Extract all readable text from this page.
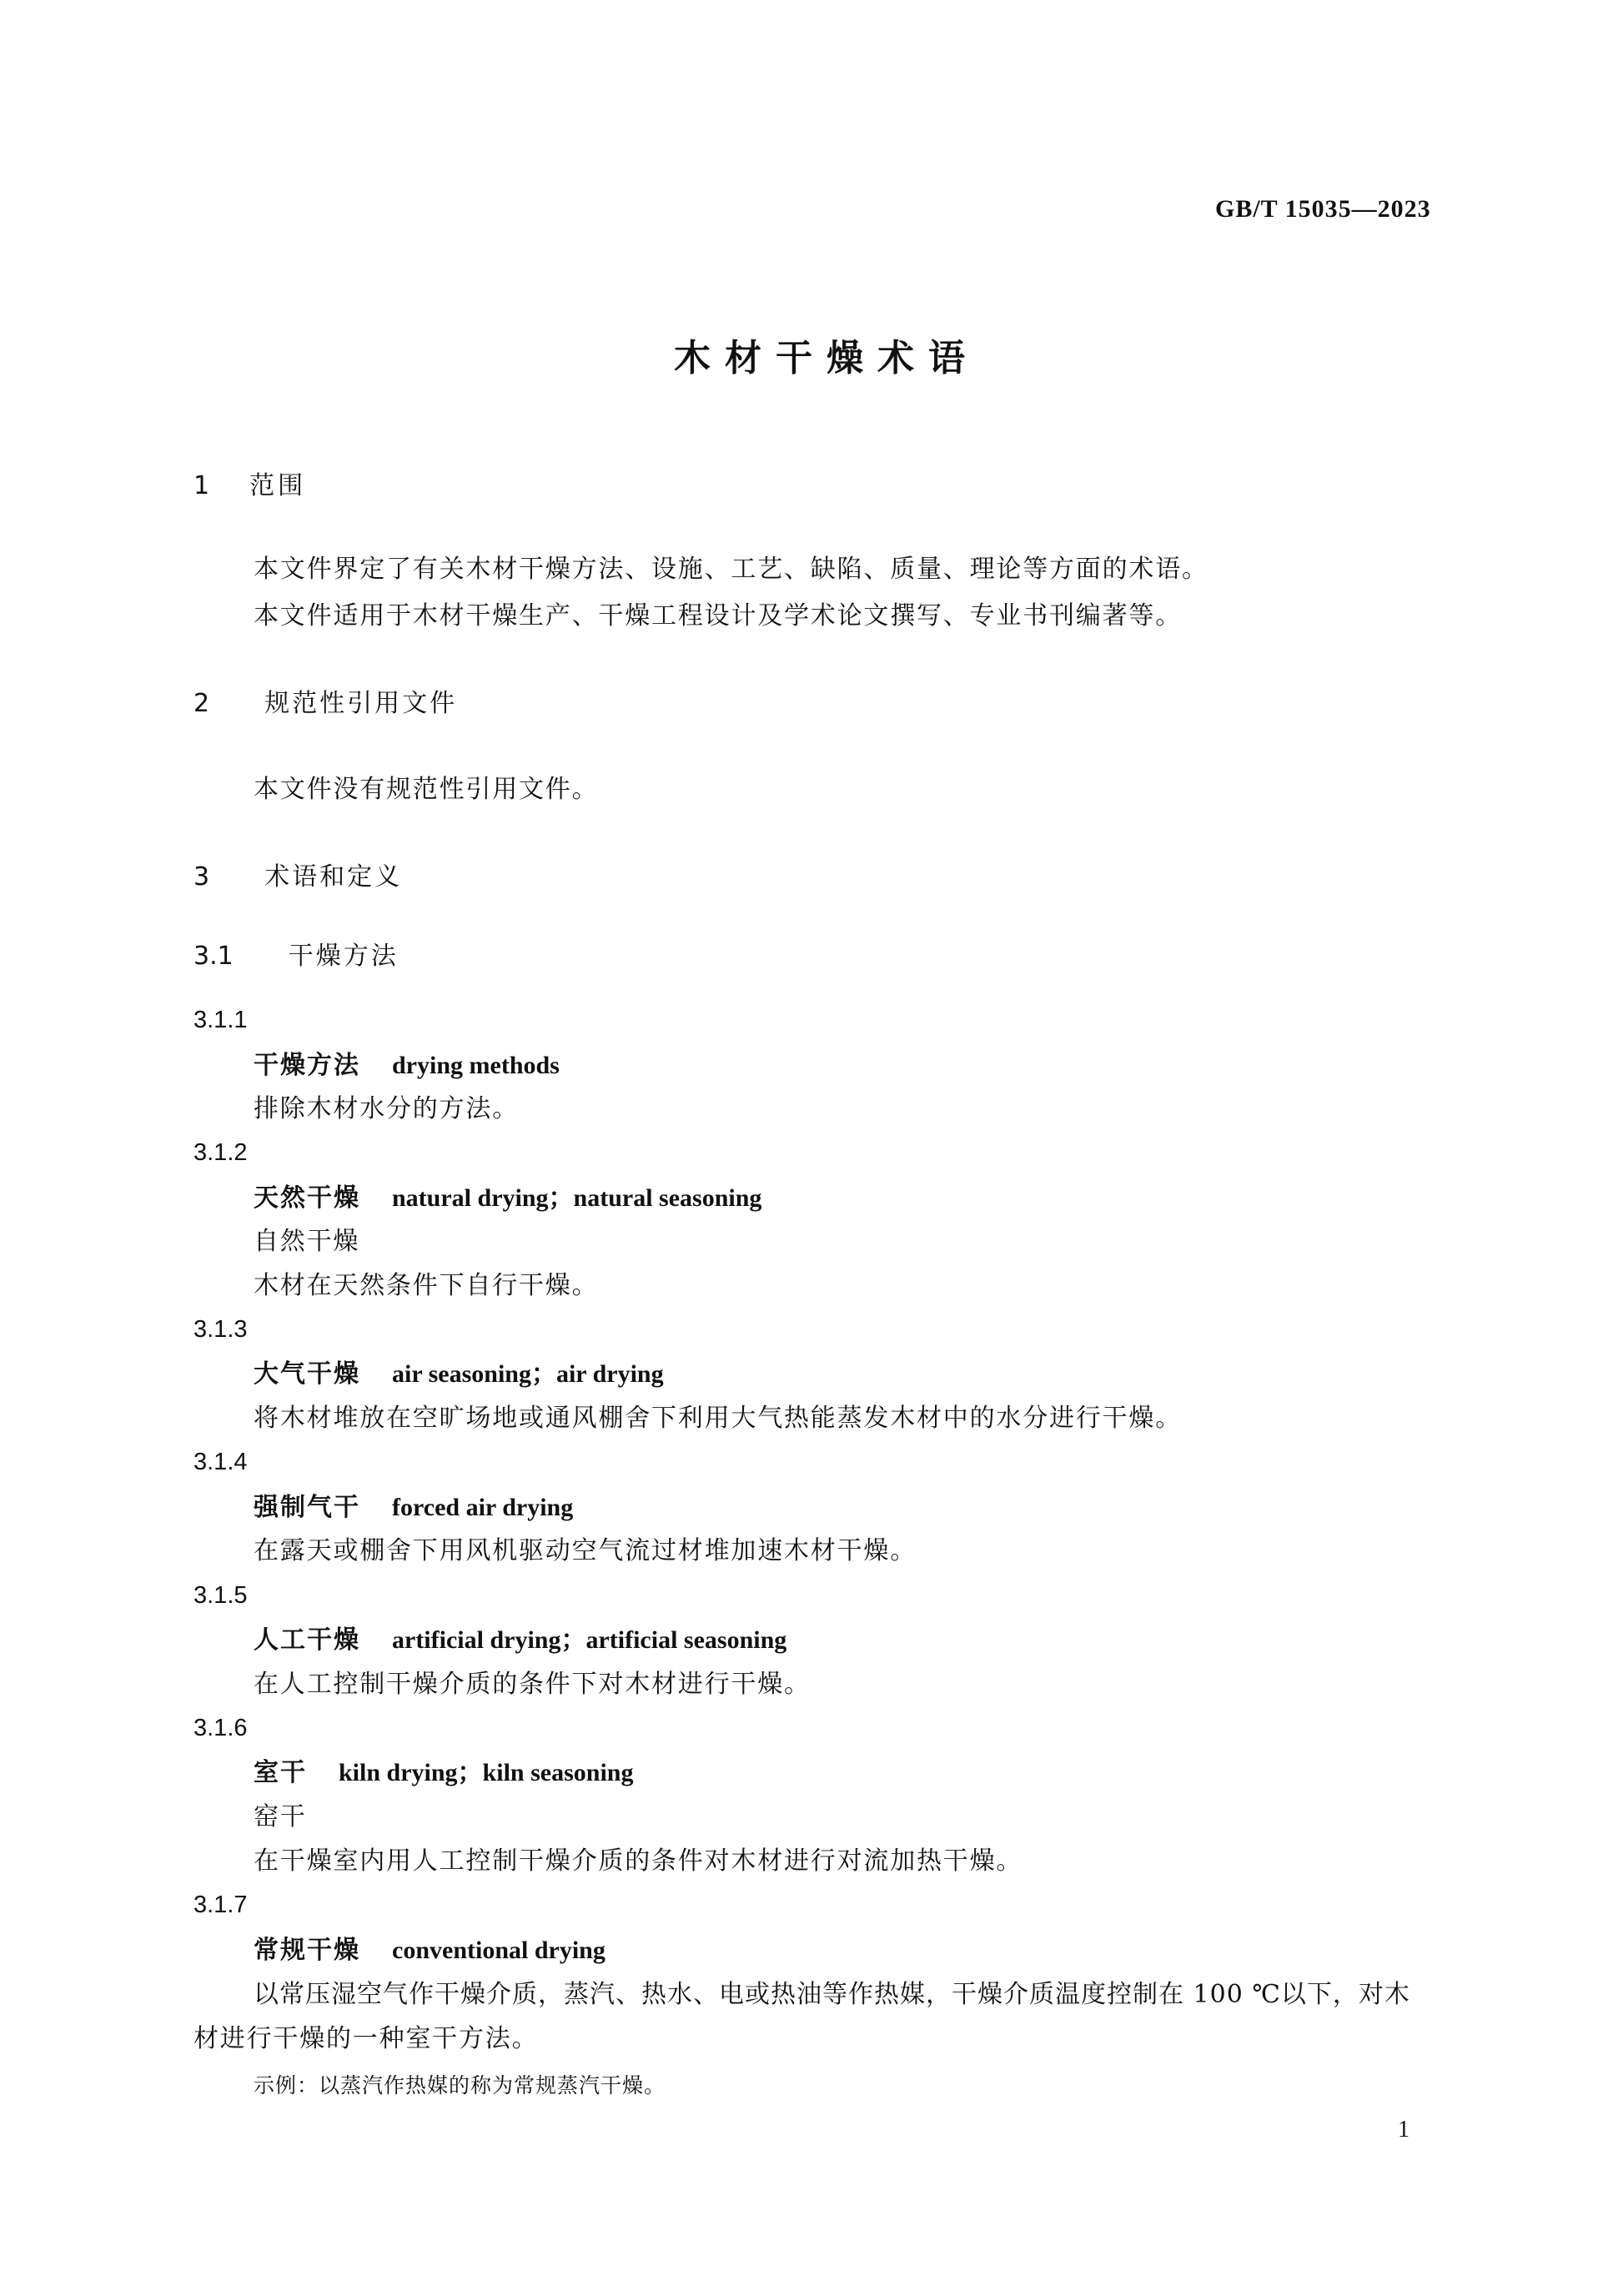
GB/T 15035—2023
木材干燥术语
1 范围
本文件界定了有关木材干燥方法、设施、工艺、缺陷、质量、理论等方面的术语。
本文件适用于木材干燥生产、干燥工程设计及学术论文撰写、专业书刊编著等。
2 规范性引用文件
本文件没有规范性引用文件。
3 术语和定义
3.1 干燥方法
3.1.1
干燥方法 drying methods
排除木材水分的方法。
3.1.2
天然干燥 natural drying；natural seasoning
自然干燥
木材在天然条件下自行干燥。
3.1.3
大气干燥 air seasoning；air drying
将木材堆放在空旷场地或通风棚舍下利用大气热能蒸发木材中的水分进行干燥。
3.1.4
强制气干 forced air drying
在露天或棚舍下用风机驱动空气流过材堆加速木材干燥。
3.1.5
人工干燥 artificial drying；artificial seasoning
在人工控制干燥介质的条件下对木材进行干燥。
3.1.6
室干 kiln drying；kiln seasoning
窑干
在干燥室内用人工控制干燥介质的条件对木材进行对流加热干燥。
3.1.7
常规干燥 conventional drying
以常压湿空气作干燥介质，蒸汽、热水、电或热油等作热媒，干燥介质温度控制在 100 ℃以下，对木
材进行干燥的一种室干方法。
示例：以蒸汽作热媒的称为常规蒸汽干燥。
1
